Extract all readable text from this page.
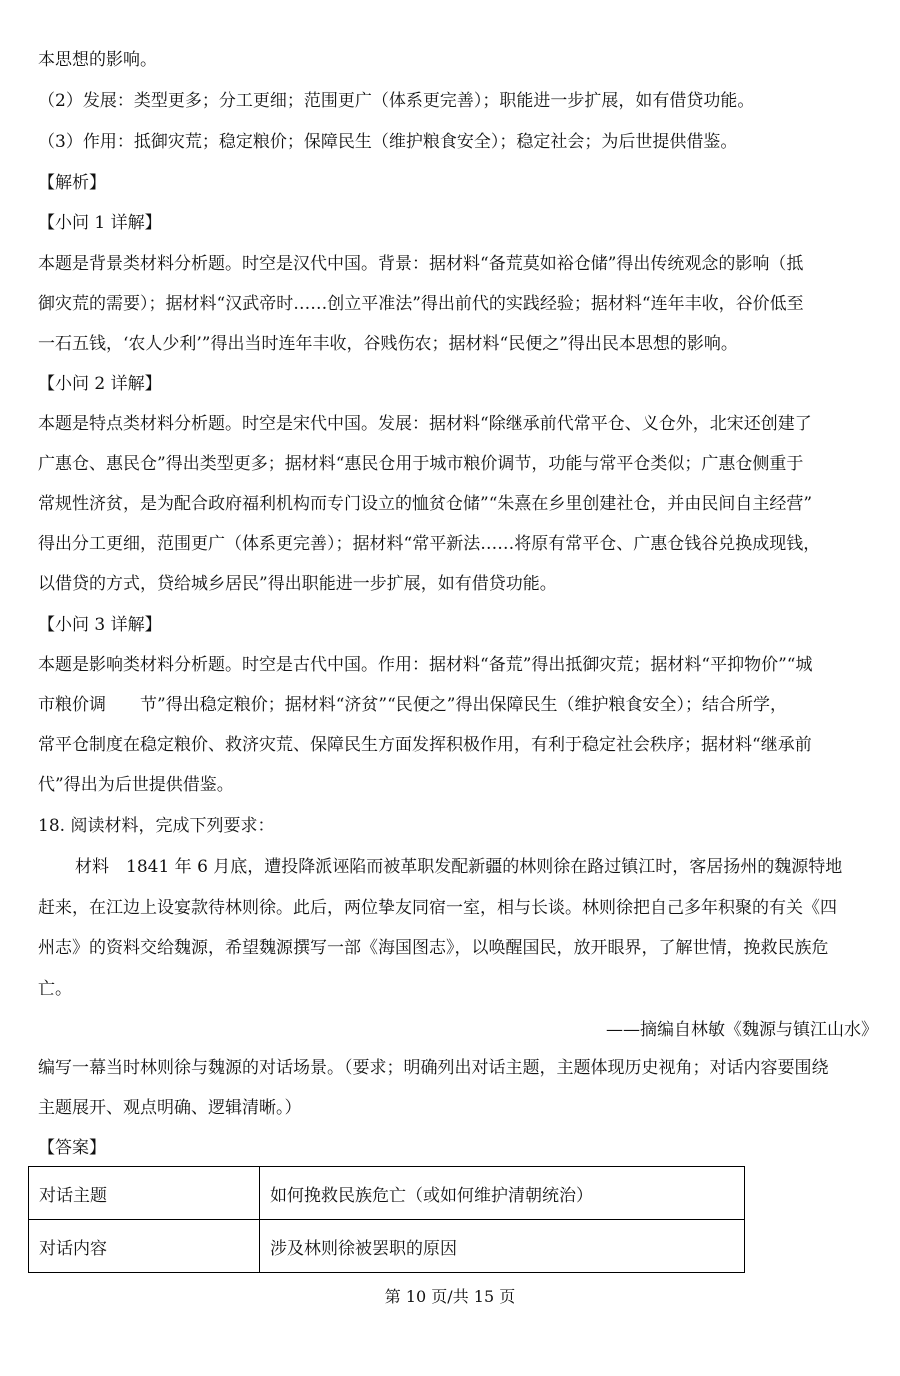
本思想的影响。
（2）发展：类型更多；分工更细；范围更广（体系更完善）；职能进一步扩展，如有借贷功能。
（3）作用：抵御灾荒；稳定粮价；保障民生（维护粮食安全）；稳定社会；为后世提供借鉴。
【解析】
【小问 1 详解】
本题是背景类材料分析题。时空是汉代中国。背景：据材料“备荒莫如裕仓储”得出传统观念的影响（抵
御灾荒的需要）；据材料“汉武帝时……创立平准法”得出前代的实践经验；据材料“连年丰收，谷价低至
一石五钱，‘农人少利’”得出当时连年丰收，谷贱伤农；据材料“民便之”得出民本思想的影响。
【小问 2 详解】
本题是特点类材料分析题。时空是宋代中国。发展：据材料“除继承前代常平仓、义仓外，北宋还创建了
广惠仓、惠民仓”得出类型更多；据材料“惠民仓用于城市粮价调节，功能与常平仓类似；广惠仓侧重于
常规性济贫，是为配合政府福利机构而专门设立的恤贫仓储”“朱熹在乡里创建社仓，并由民间自主经营”
得出分工更细，范围更广（体系更完善）；据材料“常平新法……将原有常平仓、广惠仓钱谷兑换成现钱，
以借贷的方式，贷给城乡居民”得出职能进一步扩展，如有借贷功能。
【小问 3 详解】
本题是影响类材料分析题。时空是古代中国。作用：据材料“备荒”得出抵御灾荒；据材料“平抑物价”“城
市粮价调　　节”得出稳定粮价；据材料“济贫”“民便之”得出保障民生（维护粮食安全）；结合所学，
常平仓制度在稳定粮价、救济灾荒、保障民生方面发挥积极作用，有利于稳定社会秩序；据材料“继承前
代”得出为后世提供借鉴。
18. 阅读材料，完成下列要求：
材料　1841 年 6 月底，遭投降派诬陷而被革职发配新疆的林则徐在路过镇江时，客居扬州的魏源特地
赶来，在江边上设宴款待林则徐。此后，两位挚友同宿一室，相与长谈。林则徐把自己多年积聚的有关《四
州志》的资料交给魏源，希望魏源撰写一部《海国图志》，以唤醒国民，放开眼界，了解世情，挽救民族危
亡。
——摘编自林敏《魏源与镇江山水》
编写一幕当时林则徐与魏源的对话场景。（要求；明确列出对话主题，主题体现历史视角；对话内容要围绕
主题展开、观点明确、逻辑清晰。）
【答案】
对话主题	如何挽救民族危亡（或如何维护清朝统治）
对话内容	涉及林则徐被罢职的原因
第 10 页/共 15 页
